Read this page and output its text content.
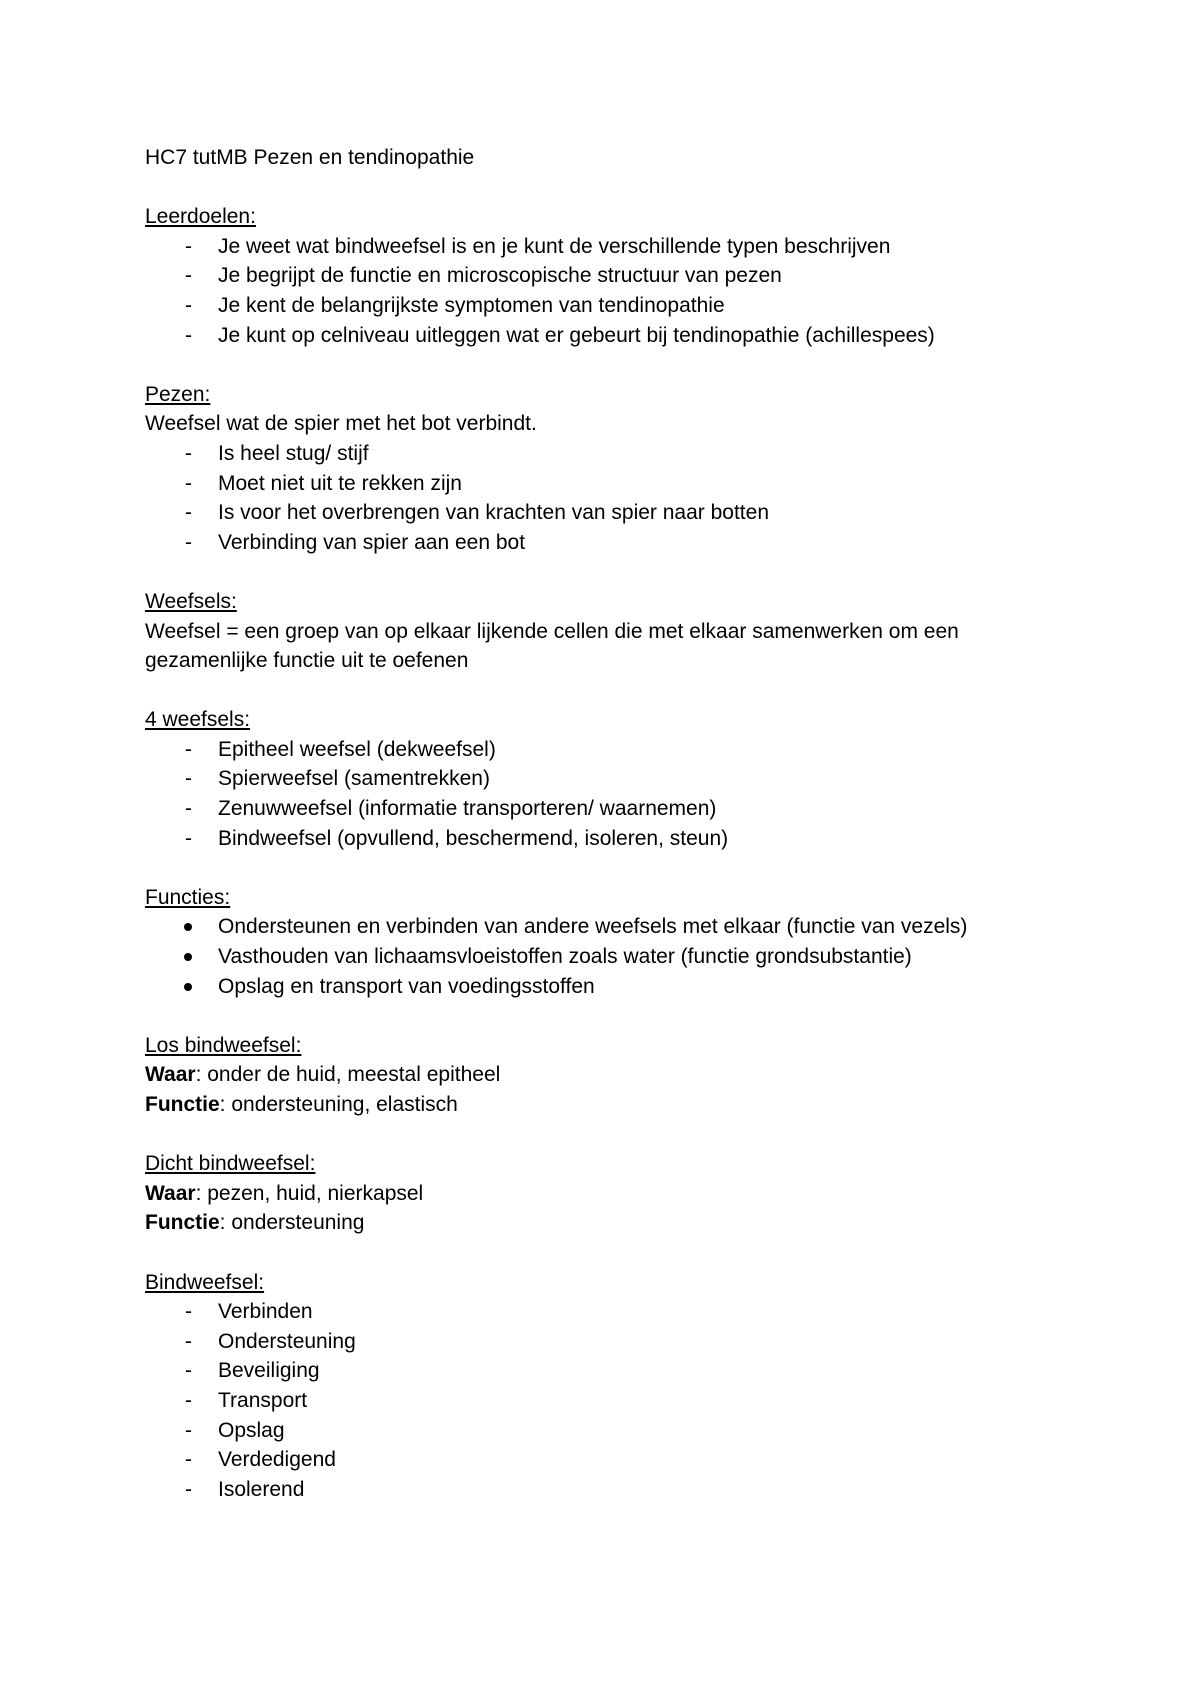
HC7 tutMB Pezen en tendinopathie
Leerdoelen:
- Je weet wat bindweefsel is en je kunt de verschillende typen beschrijven
- Je begrijpt de functie en microscopische structuur van pezen
- Je kent de belangrijkste symptomen van tendinopathie
- Je kunt op celniveau uitleggen wat er gebeurt bij tendinopathie (achillespees)
Pezen:
Weefsel wat de spier met het bot verbindt.
- Is heel stug/ stijf
- Moet niet uit te rekken zijn
- Is voor het overbrengen van krachten van spier naar botten
- Verbinding van spier aan een bot
Weefsels:
Weefsel = een groep van op elkaar lijkende cellen die met elkaar samenwerken om een gezamenlijke functie uit te oefenen
4 weefsels:
- Epitheel weefsel (dekweefsel)
- Spierweefsel (samentrekken)
- Zenuwweefsel (informatie transporteren/ waarnemen)
- Bindweefsel (opvullend, beschermend, isoleren, steun)
Functies:
Ondersteunen en verbinden van andere weefsels met elkaar (functie van vezels)
Vasthouden van lichaamsvloeistoffen zoals water (functie grondsubstantie)
Opslag en transport van voedingsstoffen
Los bindweefsel:
Waar: onder de huid, meestal epitheel
Functie: ondersteuning, elastisch
Dicht bindweefsel:
Waar: pezen, huid, nierkapsel
Functie: ondersteuning
Bindweefsel:
- Verbinden
- Ondersteuning
- Beveiliging
- Transport
- Opslag
- Verdedigend
- Isolerend
